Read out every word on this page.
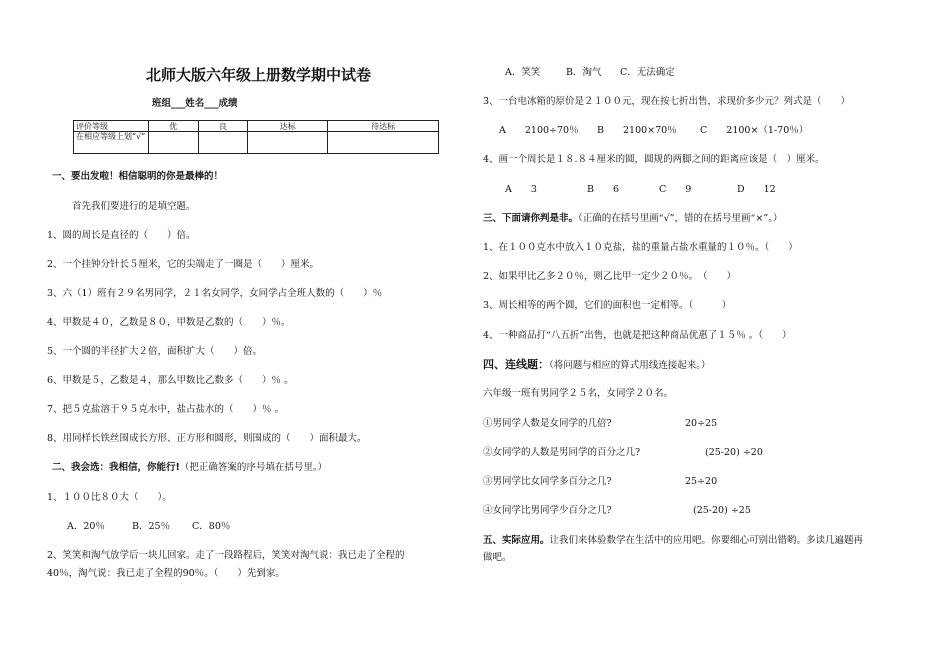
北师大版六年级上册数学期中试卷
班组___姓名___成绩
评价等级	优	良	达标	待达标
在相应等级上划“√”				
一、要出发啦！相信聪明的你是最棒的！
首先我们要进行的是填空题。
1、圆的周长是直径的（　　）倍。
2、一个挂钟分针长５厘米，它的尖端走了一圈是（　　）厘米。
3、六（1）班有２９名男同学，２１名女同学，女同学占全班人数的（　　）％
4、甲数是４０，乙数是８０，甲数是乙数的（　　）％。
5、一个圆的半径扩大２倍，面积扩大（　　）倍。
6、甲数是５，乙数是４，那么甲数比乙数多（　　）％ 。
7、把５克盐溶于９５克水中，盐占盐水的（　　）％ 。
8、用同样长铁丝围成长方形、正方形和圆形，则围成的（　　）面积最大。
二、我会选：我相信，你能行!（把正确答案的序号填在括号里。）
1、１００比８０大（　　）。
A．20％	B．25％ C．80％
2、笑笑和淘气放学后一块儿回家。走了一段路程后，笑笑对淘气说：我已走了全程的
40％，淘气说：我已走了全程的90％。（　　）先到家。
A．笑笑	B．淘气 C．无法确定
3、一台电冰箱的原价是２１００元，现在按七折出售，求现价多少元？列式是（　　）
A　　2100÷70％ B　　2100×70％ C　　2100×（1-70％）
4、画一个周长是１８.８４厘米的圆，圆规的两脚之间的距离应该是（　）厘米。
A　　3	B　　6	C　　9	D　　12
三、下面请你判是非。（正确的在括号里画“√”，错的在括号里画“×”。）
1、在１００克水中放入１０克盐，盐的重量占盐水重量的１０％。（　　）
2、如果甲比乙多２０％，则乙比甲一定少２０％。　（　　）
3、周长相等的两个圆，它们的面积也一定相等。（　　　）
4、一种商品打“八五折”出售，也就是把这种商品优惠了１５％ 。（　　）
四、连线题：（将问题与相应的算式用线连接起来。）
六年级一班有男同学２５名，女同学２０名。
①男同学人数是女同学的几倍?	20÷25
②女同学的人数是男同学的百分之几?	(25-20) ÷20
③男同学比女同学多百分之几?	25÷20
④女同学比男同学少百分之几?	(25-20) ÷25
五、实际应用。让我们来体验数学在生活中的应用吧。你要细心可别出错哟。多读几遍题再
做吧。
